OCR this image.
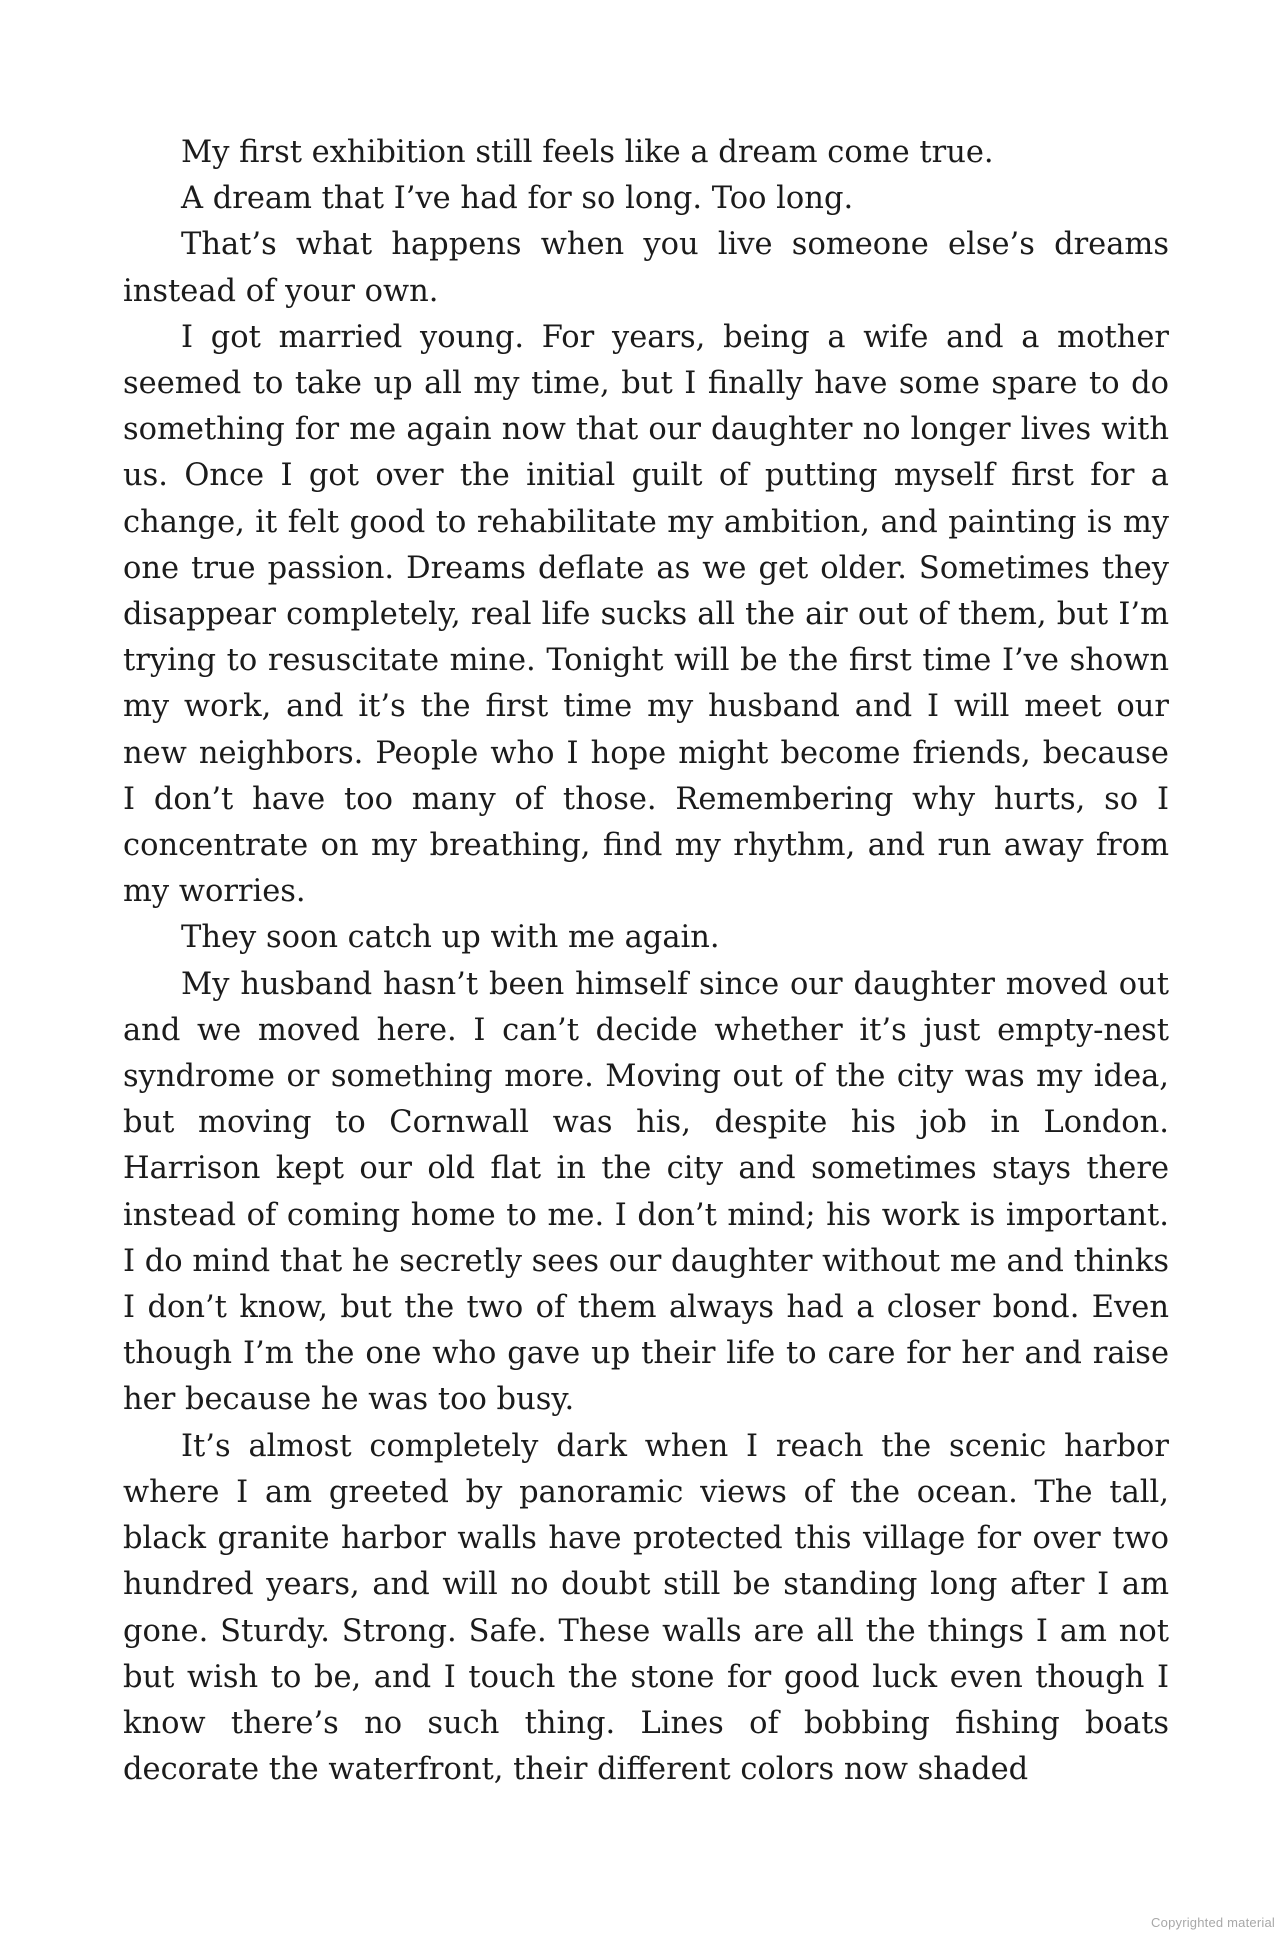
My first exhibition still feels like a dream come true.

A dream that I’ve had for so long. Too long.

That’s what happens when you live someone else’s dreams instead of your own.

I got married young. For years, being a wife and a mother seemed to take up all my time, but I finally have some spare to do something for me again now that our daughter no longer lives with us. Once I got over the initial guilt of putting myself first for a change, it felt good to rehabilitate my ambition, and painting is my one true passion. Dreams deflate as we get older. Sometimes they disappear completely, real life sucks all the air out of them, but I’m trying to resuscitate mine. Tonight will be the first time I’ve shown my work, and it’s the first time my husband and I will meet our new neighbors. People who I hope might become friends, because I don’t have too many of those. Remembering why hurts, so I concentrate on my breathing, find my rhythm, and run away from my worries.

They soon catch up with me again.

My husband hasn’t been himself since our daughter moved out and we moved here. I can’t decide whether it’s just empty-nest syndrome or something more. Moving out of the city was my idea, but moving to Cornwall was his, despite his job in London. Harrison kept our old flat in the city and sometimes stays there instead of coming home to me. I don’t mind; his work is important. I do mind that he secretly sees our daughter without me and thinks I don’t know, but the two of them always had a closer bond. Even though I’m the one who gave up their life to care for her and raise her because he was too busy.

It’s almost completely dark when I reach the scenic harbor where I am greeted by panoramic views of the ocean. The tall, black granite harbor walls have protected this village for over two hundred years, and will no doubt still be standing long after I am gone. Sturdy. Strong. Safe. These walls are all the things I am not but wish to be, and I touch the stone for good luck even though I know there’s no such thing. Lines of bobbing fishing boats decorate the waterfront, their different colors now shaded

Copyrighted material
